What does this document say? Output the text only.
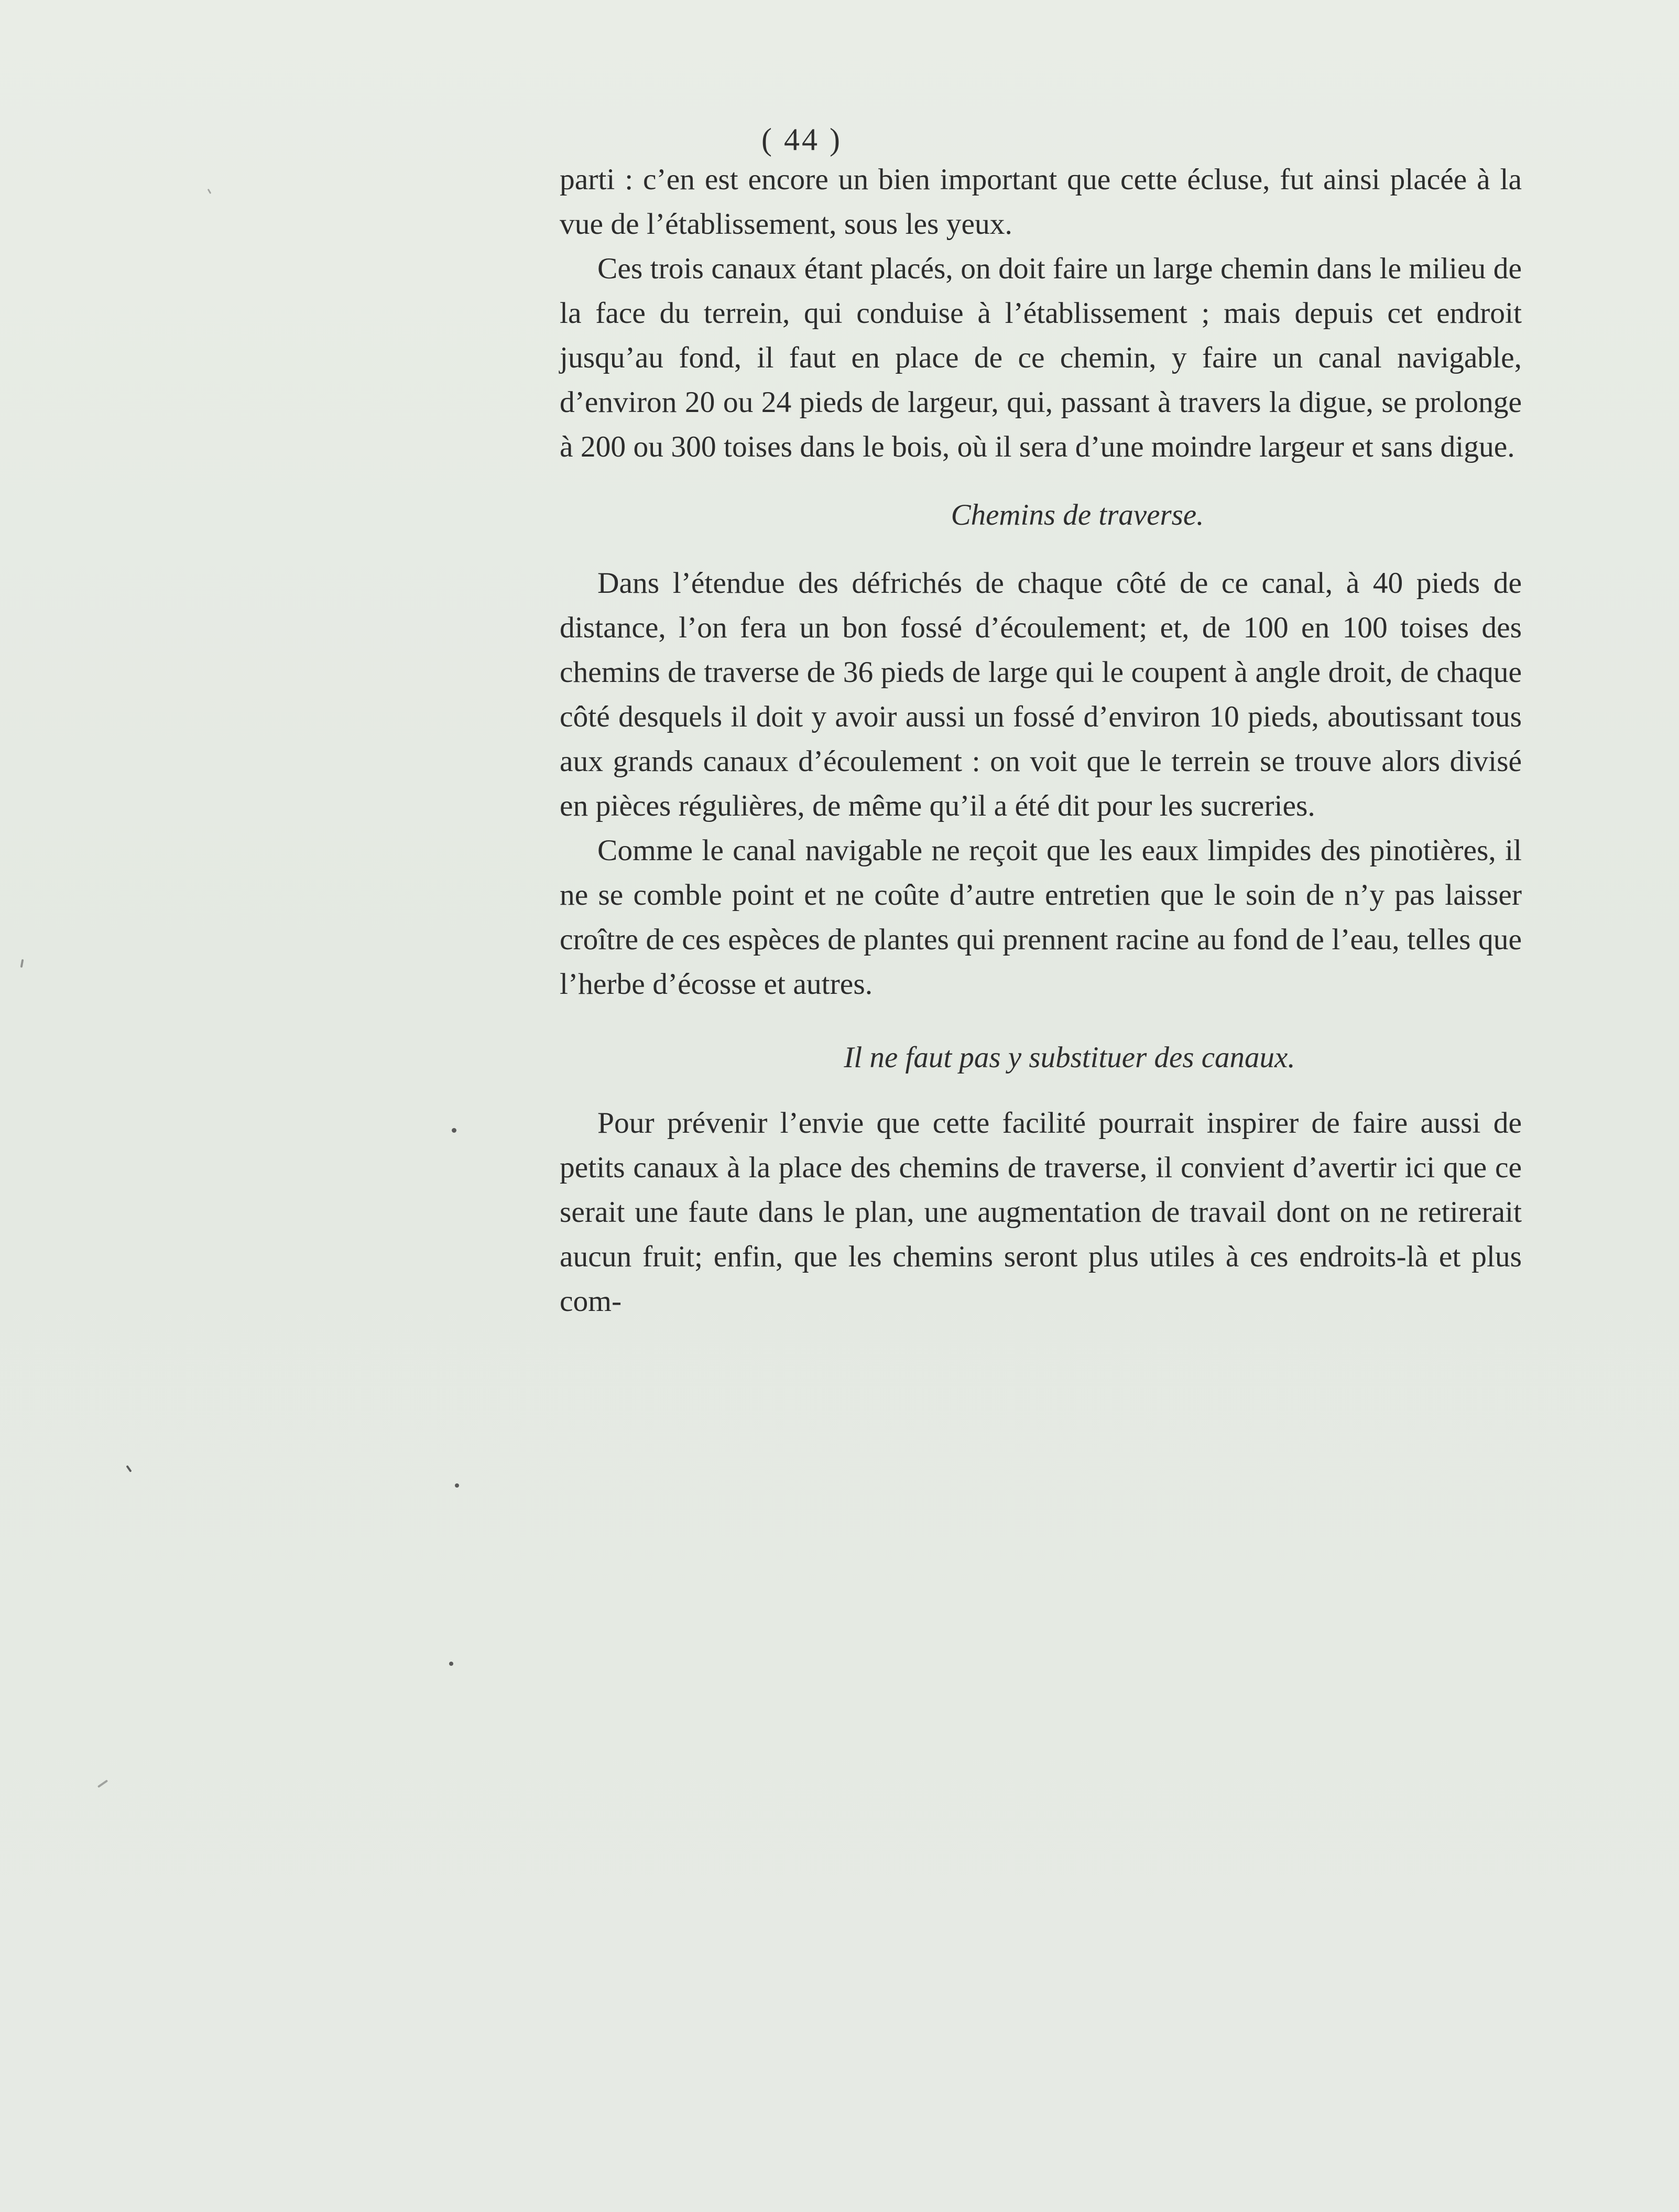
( 44 )

parti : c’en est encore un bien important que cette écluse, fut ainsi placée à la vue de l’établissement, sous les yeux.

Ces trois canaux étant placés, on doit faire un large chemin dans le milieu de la face du terrein, qui conduise à l’établissement ; mais depuis cet endroit jusqu’au fond, il faut en place de ce chemin, y faire un canal navigable, d’environ 20 ou 24 pieds de largeur, qui, passant à travers la digue, se prolonge à 200 ou 300 toises dans le bois, où il sera d’une moindre largeur et sans digue.

Chemins de traverse.

Dans l’étendue des défrichés de chaque côté de ce canal, à 40 pieds de distance, l’on fera un bon fossé d’écoulement; et, de 100 en 100 toises des chemins de traverse de 36 pieds de large qui le coupent à angle droit, de chaque côté desquels il doit y avoir aussi un fossé d’environ 10 pieds, aboutissant tous aux grands canaux d’écoulement : on voit que le terrein se trouve alors divisé en pièces régulières, de même qu’il a été dit pour les sucreries.

Comme le canal navigable ne reçoit que les eaux limpides des pinotières, il ne se comble point et ne coûte d’autre entretien que le soin de n’y pas laisser croître de ces espèces de plantes qui prennent racine au fond de l’eau, telles que l’herbe d’écosse et autres.

Il ne faut pas y substituer des canaux.

Pour prévenir l’envie que cette facilité pourrait inspirer de faire aussi de petits canaux à la place des chemins de traverse, il convient d’avertir ici que ce serait une faute dans le plan, une augmentation de travail dont on ne retirerait aucun fruit; enfin, que les chemins seront plus utiles à ces endroits-là et plus com-
